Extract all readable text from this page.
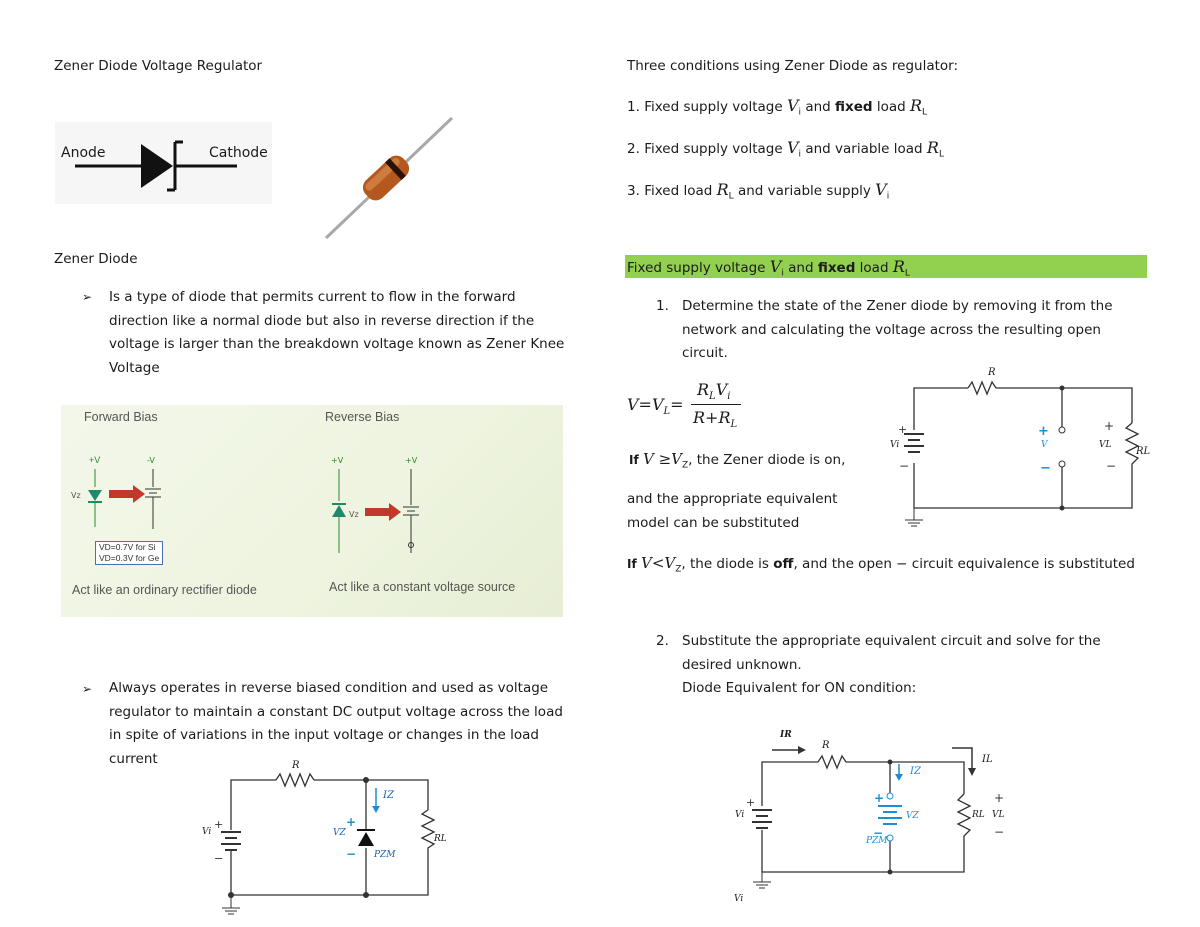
Zener Diode Voltage Regulator
Anode	Cathode
Zener Diode
➢ Is a type of diode that permits current to flow in the forward direction like a normal diode but also in reverse direction if the voltage is larger than the breakdown voltage known as Zener Knee Voltage
Forward Bias	Reverse Bias
+V
Vz
-V	+V
Vz
+V
VD=0.7V for Si
VD=0.3V for Ge
Act like an ordinary rectifier diode	Act like a constant voltage source
➢ Always operates in reverse biased condition and used as voltage regulator to maintain a constant DC output voltage across the load in spite of variations in the input voltage or changes in the load current
+
−
+
−
R
Vi	VZ
IZ
PZM
RL
Three conditions using Zener Diode as regulator:
1. Fixed supply voltage $V_i$ and fixed load $R_L$
2. Fixed supply voltage $V_i$ and variable load $R_L$
3. Fixed load $R_L$ and variable supply $V_i$
Fixed supply voltage $V_i$ and fixed load $R_L$
1. Determine the state of the Zener diode by removing it from the network and calculating the voltage across the resulting open circuit.
$V=V_L=$
$R_LV_i$
$R+R_L$
If $V \ge V_Z$, the Zener diode is on,
and the appropriate equivalent model can be substituted
If $V<V_Z$, the diode is off, and the open − circuit equivalence is substituted
+
−
+
−
+
−
R
Vi	V	VL
RL
2. Substitute the appropriate equivalent circuit and solve for the desired unknown.
Diode Equivalent for ON condition:
+	+
−
+
−
IR
R
IZ
VZ
PZM
IL
RL VL
Vi
Vi
